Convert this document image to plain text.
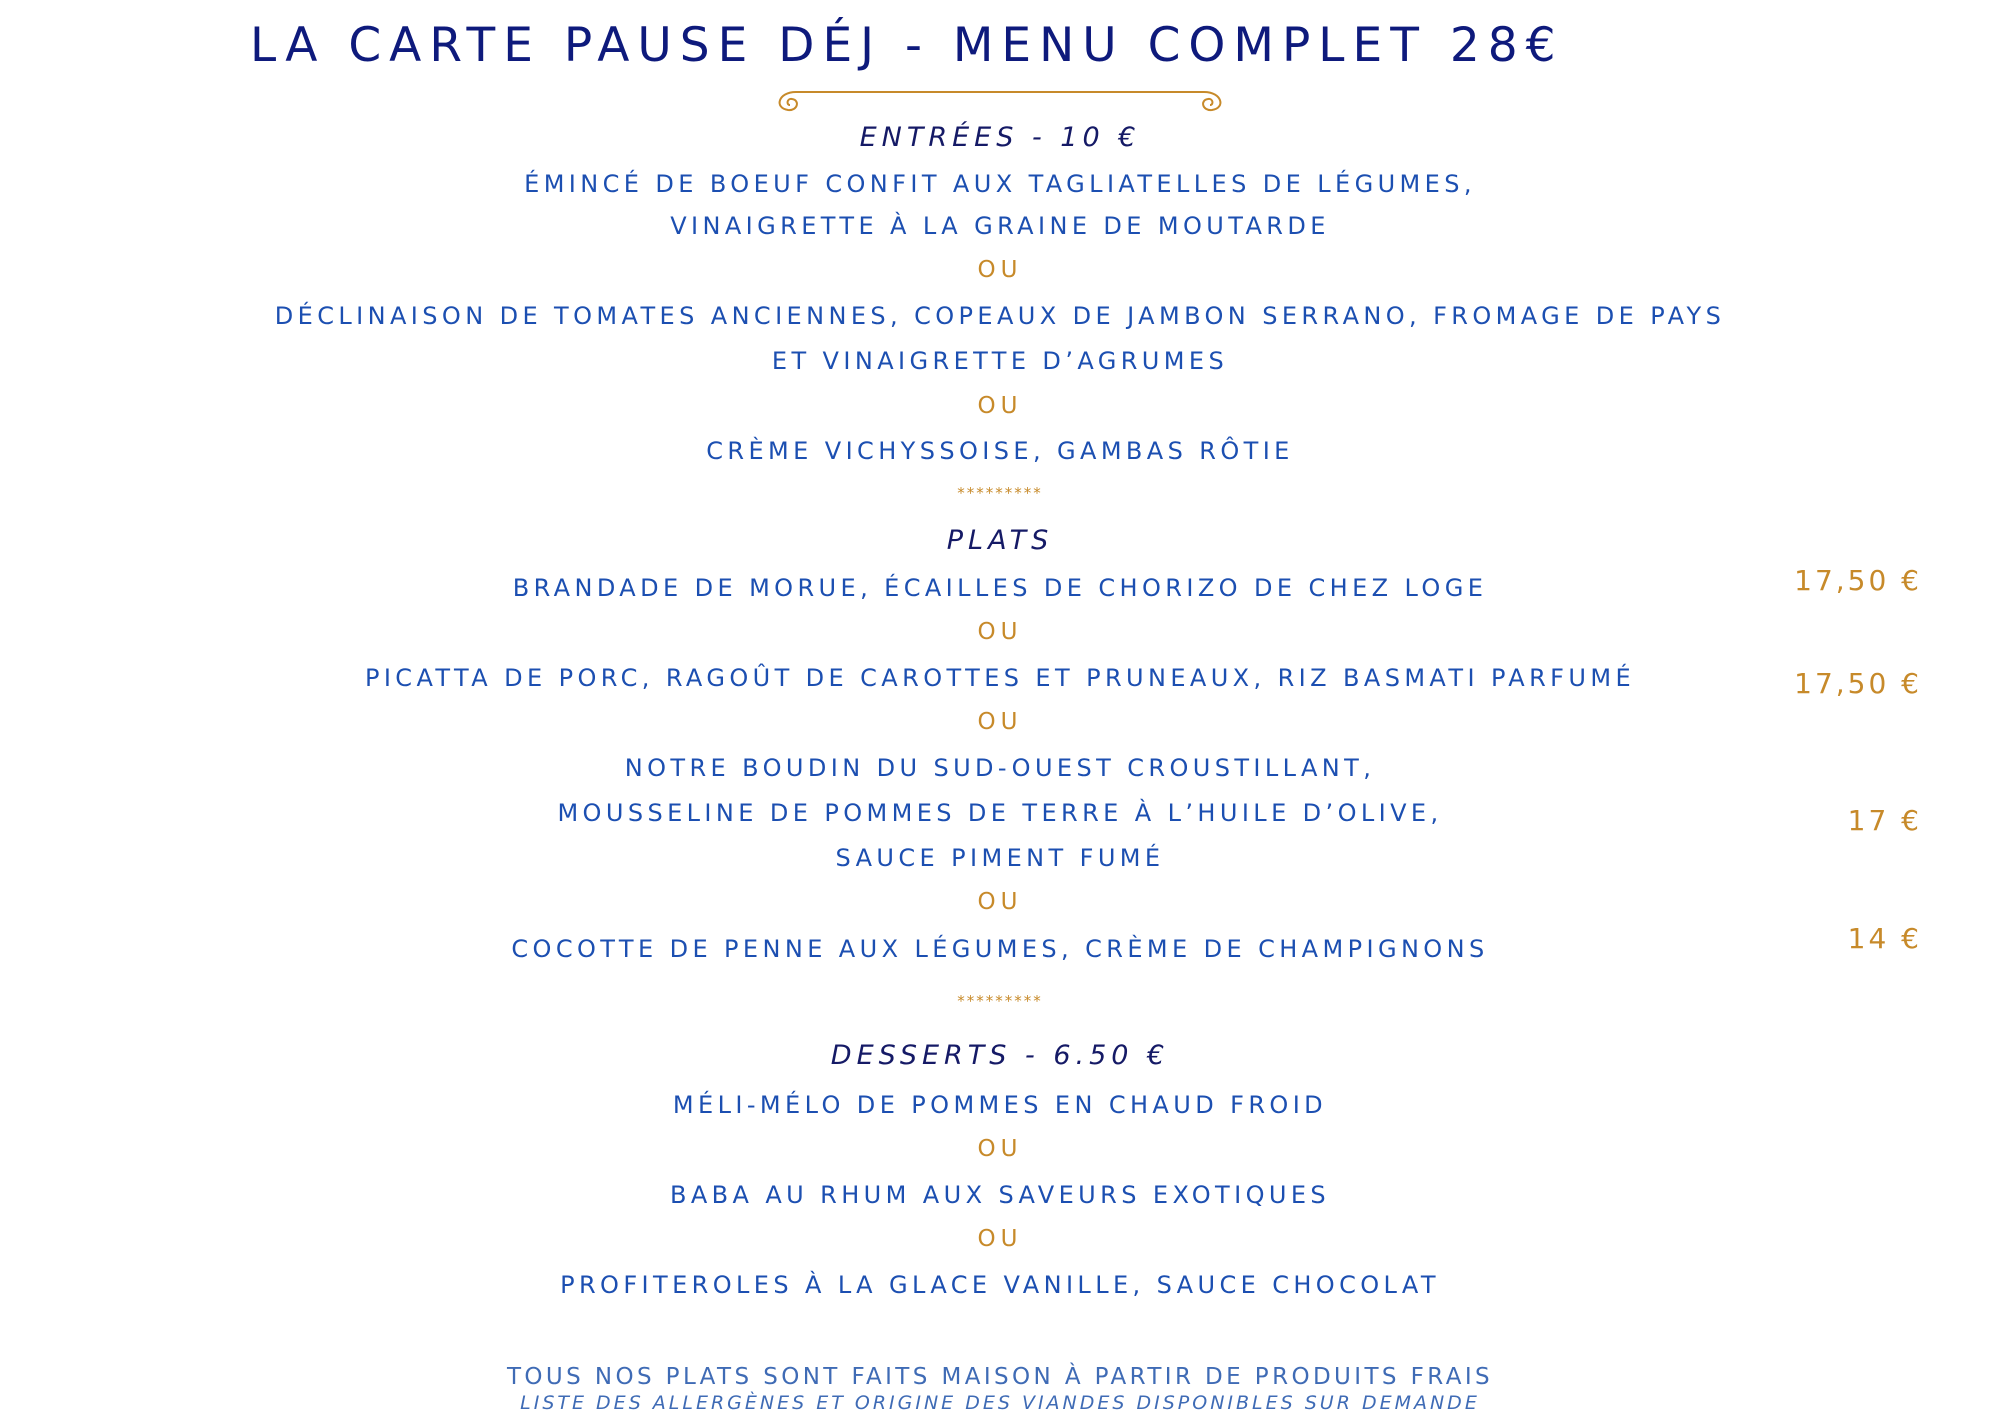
LA CARTE PAUSE DÉJ - MENU COMPLET 28€
ENTRÉES - 10 €
ÉMINCÉ DE BOEUF CONFIT AUX TAGLIATELLES DE LÉGUMES,
VINAIGRETTE À LA GRAINE DE MOUTARDE
OU
DÉCLINAISON DE TOMATES ANCIENNES, COPEAUX DE JAMBON SERRANO, FROMAGE DE PAYS
ET VINAIGRETTE D’AGRUMES
OU
CRÈME VICHYSSOISE, GAMBAS RÔTIE
*********
PLATS
BRANDADE DE MORUE, ÉCAILLES DE CHORIZO DE CHEZ LOGE	17,50 €
OU
PICATTA DE PORC, RAGOÛT DE CAROTTES ET PRUNEAUX, RIZ BASMATI PARFUMÉ	17,50 €
OU
NOTRE BOUDIN DU SUD-OUEST CROUSTILLANT,
MOUSSELINE DE POMMES DE TERRE À L’HUILE D’OLIVE,	17 €
SAUCE PIMENT FUMÉ
OU
COCOTTE DE PENNE AUX LÉGUMES, CRÈME DE CHAMPIGNONS	14 €
*********
DESSERTS - 6.50 €
MÉLI-MÉLO DE POMMES EN CHAUD FROID
OU
BABA AU RHUM AUX SAVEURS EXOTIQUES
OU
PROFITEROLES À LA GLACE VANILLE, SAUCE CHOCOLAT
TOUS NOS PLATS SONT FAITS MAISON À PARTIR DE PRODUITS FRAIS
LISTE DES ALLERGÈNES ET ORIGINE DES VIANDES DISPONIBLES SUR DEMANDE
